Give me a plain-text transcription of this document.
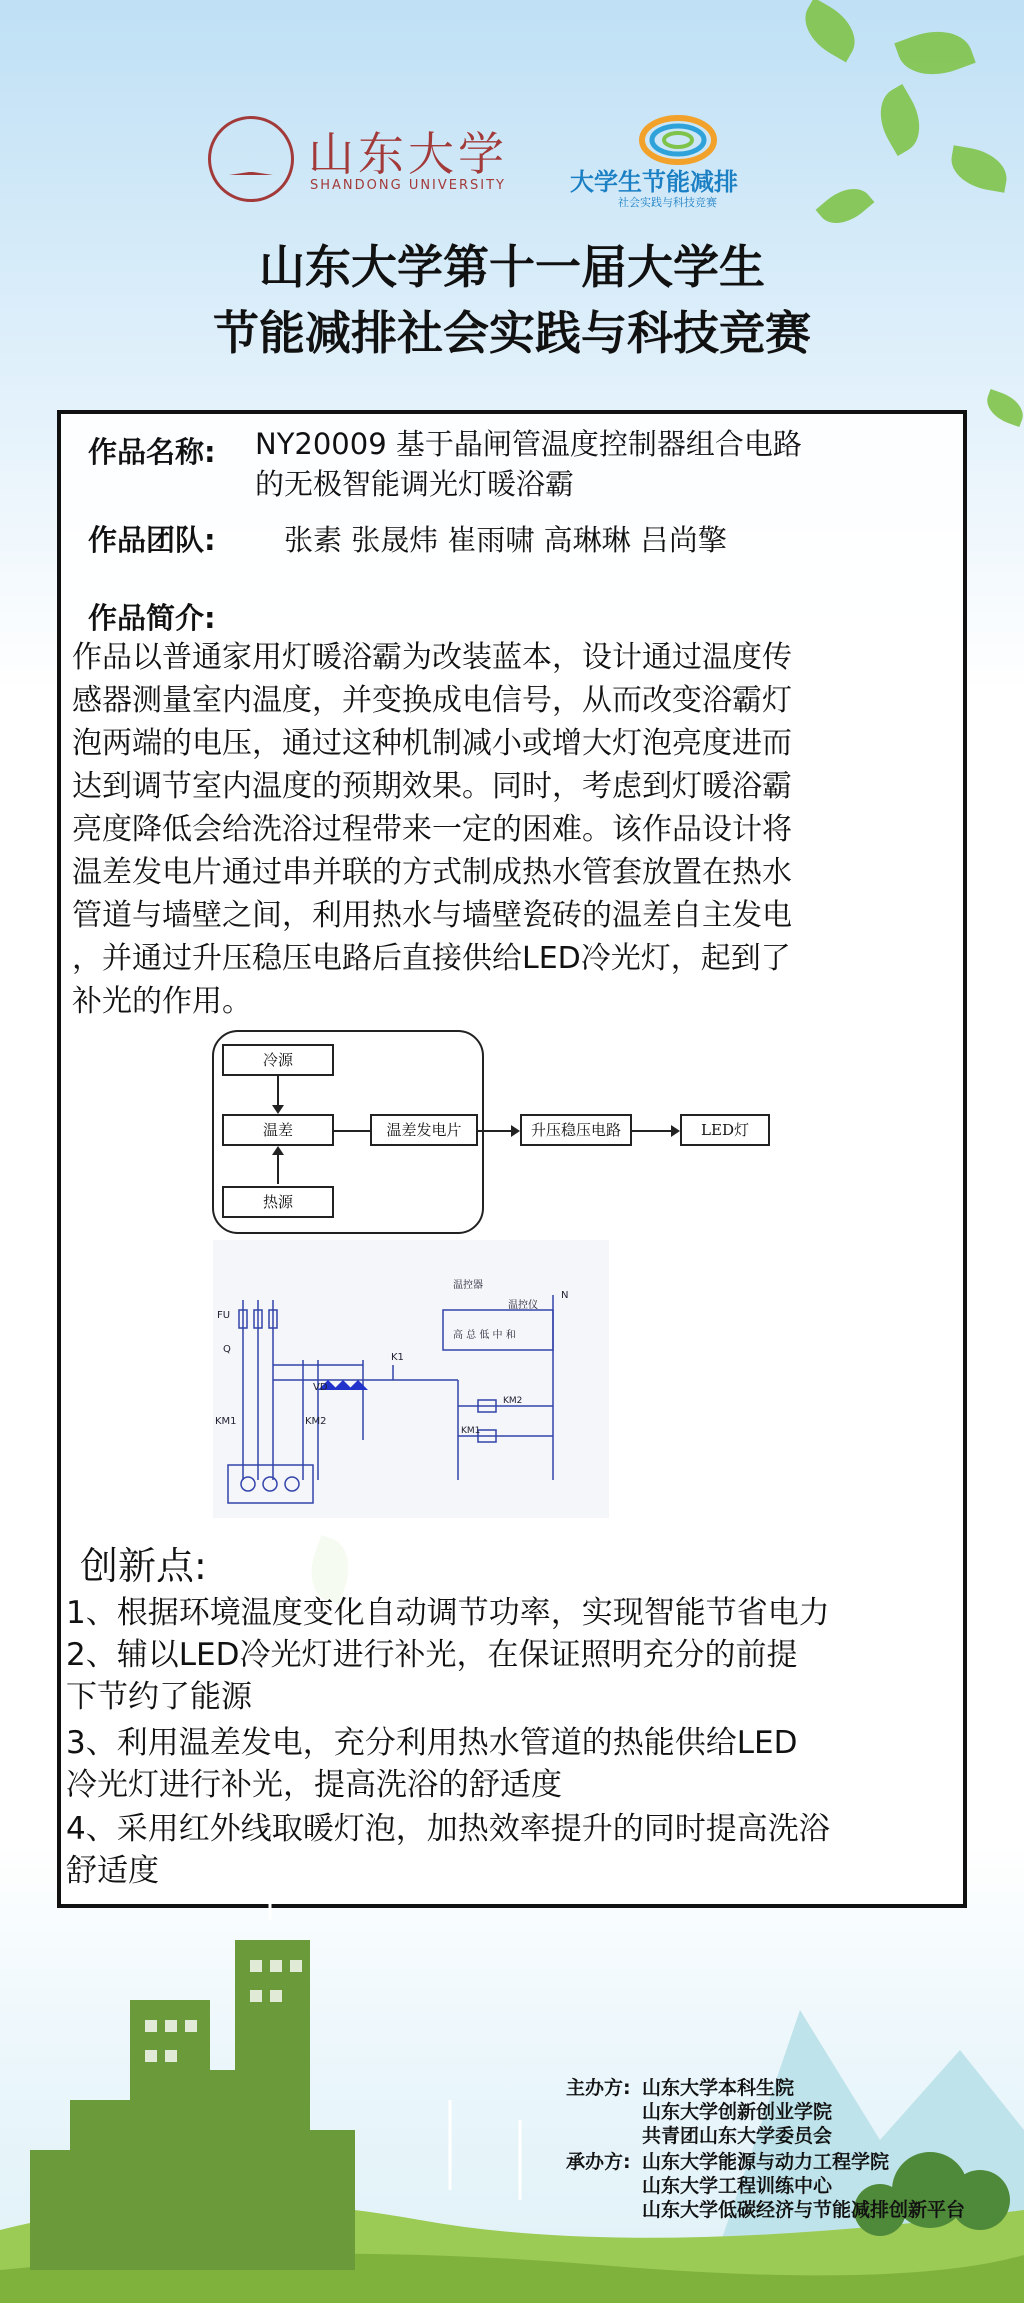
山东大学
SHANDONG UNIVERSITY	大学生节能减排
社会实践与科技竞赛
山东大学第十一届大学生
节能减排社会实践与科技竞赛
作品名称: NY20009 基于晶闸管温度控制器组合电路
的无极智能调光灯暖浴霸
作品团队: 张素 张晟炜 崔雨啸 高琳琳 吕尚擎
作品简介:
作品以普通家用灯暖浴霸为改装蓝本，设计通过温度传
感器测量室内温度，并变换成电信号，从而改变浴霸灯
泡两端的电压，通过这种机制减小或增大灯泡亮度进而
达到调节室内温度的预期效果。同时，考虑到灯暖浴霸
亮度降低会给洗浴过程带来一定的困难。该作品设计将
温差发电片通过串并联的方式制成热水管套放置在热水
管道与墙壁之间，利用热水与墙壁瓷砖的温差自主发电
，并通过升压稳压电路后直接供给LED冷光灯，起到了
补光的作用。
冷源
温差
热源
温差发电片	升压稳压电路	LED灯
FU
Q
KM1	KM2
VD
K1
温控器
温控仪
高 总 低 中 和
N
KM1
KM2
创新点:
1、根据环境温度变化自动调节功率，实现智能节省电力
2、辅以LED冷光灯进行补光，在保证照明充分的前提
下节约了能源
3、利用温差发电，充分利用热水管道的热能供给LED
冷光灯进行补光，提高洗浴的舒适度
4、采用红外线取暖灯泡，加热效率提升的同时提高洗浴
舒适度
主办方: 山东大学本科生院
山东大学创新创业学院
共青团山东大学委员会
承办方: 山东大学能源与动力工程学院
山东大学工程训练中心
山东大学低碳经济与节能减排创新平台
